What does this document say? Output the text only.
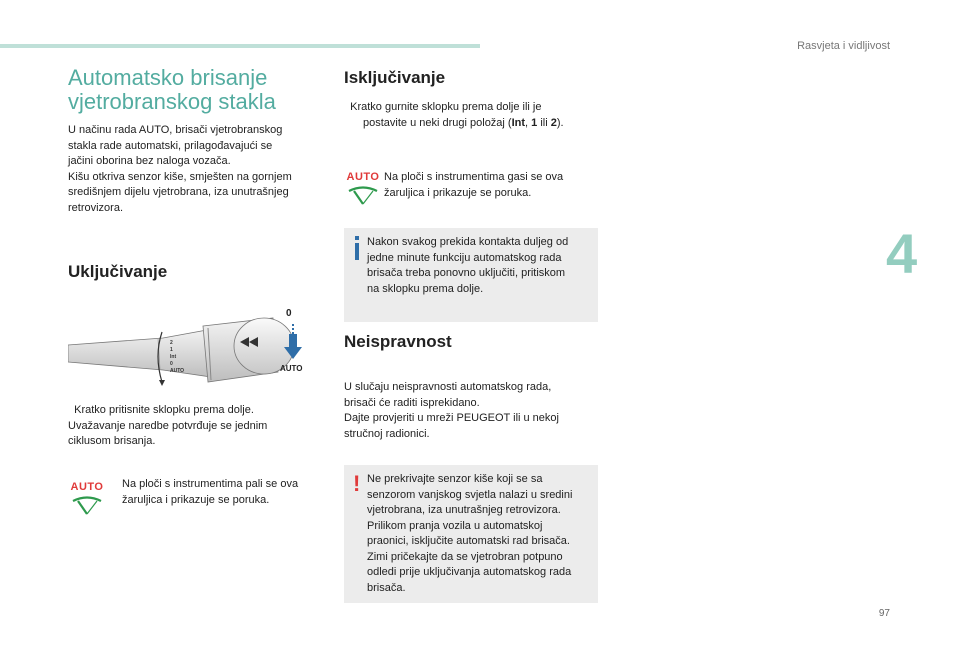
Rasvjeta i vidljivost
4
97
Automatsko brisanje
vjetrobranskog stakla
U načinu rada AUTO, brisači vjetrobranskog
stakla rade automatski, prilagođavajući se
jačini oborina bez naloga vozača.
Kišu otkriva senzor kiše, smješten na gornjem
središnjem dijelu vjetrobrana, iza unutrašnjeg
retrovizora.
Uključivanje
2
1
Int
0
AUTO
0
AUTO
Kratko pritisnite sklopku prema dolje.
Uvažavanje naredbe potvrđuje se jednim
ciklusom brisanja.
AUTO	Na ploči s instrumentima pali se ova
žaruljica i prikazuje se poruka.
Isključivanje
Kratko gurnite sklopku prema dolje ili je
postavite u neki drugi položaj (Int, 1 ili 2).
AUTO Na ploči s instrumentima gasi se ova
žaruljica i prikazuje se poruka.
Nakon svakog prekida kontakta duljeg od
jedne minute funkciju automatskog rada
brisača treba ponovno uključiti, pritiskom
na sklopku prema dolje.
Neispravnost
U slučaju neispravnosti automatskog rada,
brisači će raditi isprekidano.
Dajte provjeriti u mreži PEUGEOT ili u nekoj
stručnoj radionici.
! Ne prekrivajte senzor kiše koji se sa
senzorom vanjskog svjetla nalazi u sredini
vjetrobrana, iza unutrašnjeg retrovizora.
Prilikom pranja vozila u automatskoj
praonici, isključite automatski rad brisača.
Zimi pričekajte da se vjetrobran potpuno
odledi prije uključivanja automatskog rada
brisača.
